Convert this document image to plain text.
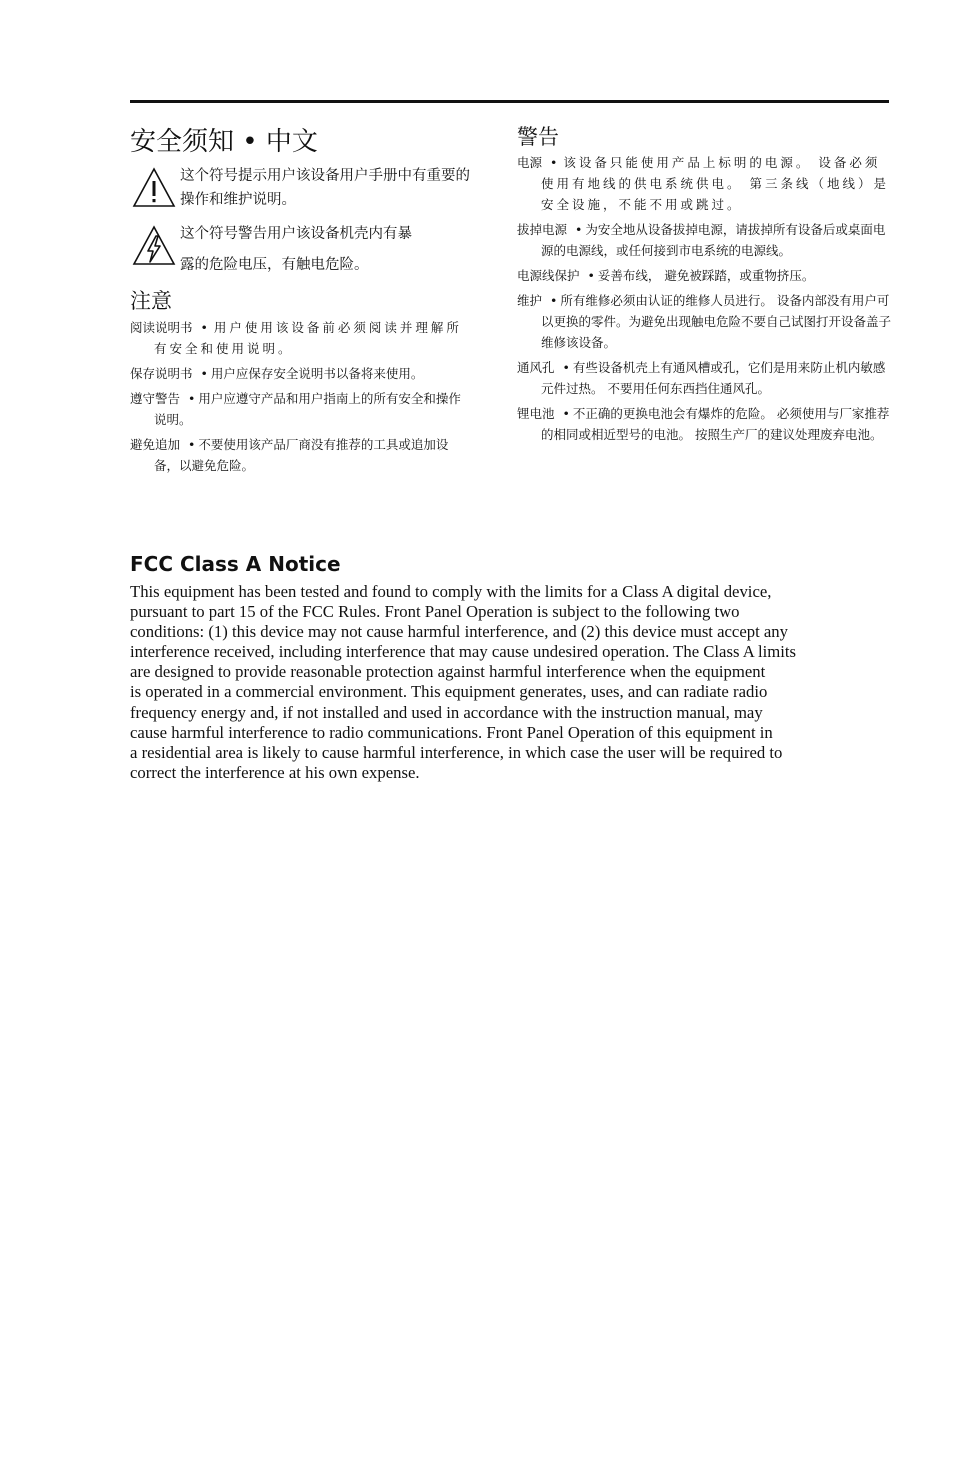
安全须知 • 中文
这个符号提示用户该设备用户手册中有重要的操作和维护说明。
这个符号警告用户该设备机壳内有暴
露的危险电压，有触电危险。
注意

阅读说明书 • 用户使用该设备前必须阅读并理解所有安全和使用说明。

保存说明书 • 用户应保存安全说明书以备将来使用。

遵守警告 • 用户应遵守产品和用户指南上的所有安全和操作说明。

避免追加 • 不要使用该产品厂商没有推荐的工具或追加设备，以避免危险。

警告

电源 • 该设备只能使用产品上标明的电源。 设备必须使用有地线的供电系统供电。 第三条线（地线）是安全设施，不能不用或跳过。

拔掉电源 • 为安全地从设备拔掉电源，请拔掉所有设备后或桌面电源的电源线，或任何接到市电系统的电源线。

电源线保护 • 妥善布线， 避免被踩踏，或重物挤压。

维护 • 所有维修必须由认证的维修人员进行。 设备内部没有用户可以更换的零件。为避免出现触电危险不要自己试图打开设备盖子维修该设备。

通风孔 • 有些设备机壳上有通风槽或孔，它们是用来防止机内敏感元件过热。 不要用任何东西挡住通风孔。

锂电池 • 不正确的更换电池会有爆炸的危险。 必须使用与厂家推荐的相同或相近型号的电池。 按照生产厂的建议处理废弃电池。

FCC Class A Notice

This equipment has been tested and found to comply with the limits for a Class A digital device,
pursuant to part 15 of the FCC Rules. Front Panel Operation is subject to the following two
conditions: (1) this device may not cause harmful interference, and (2) this device must accept any
interference received, including interference that may cause undesired operation. The Class A limits
are designed to provide reasonable protection against harmful interference when the equipment
is operated in a commercial environment. This equipment generates, uses, and can radiate radio
frequency energy and, if not installed and used in accordance with the instruction manual, may
cause harmful interference to radio communications. Front Panel Operation of this equipment in
a residential area is likely to cause harmful interference, in which case the user will be required to
correct the interference at his own expense.
